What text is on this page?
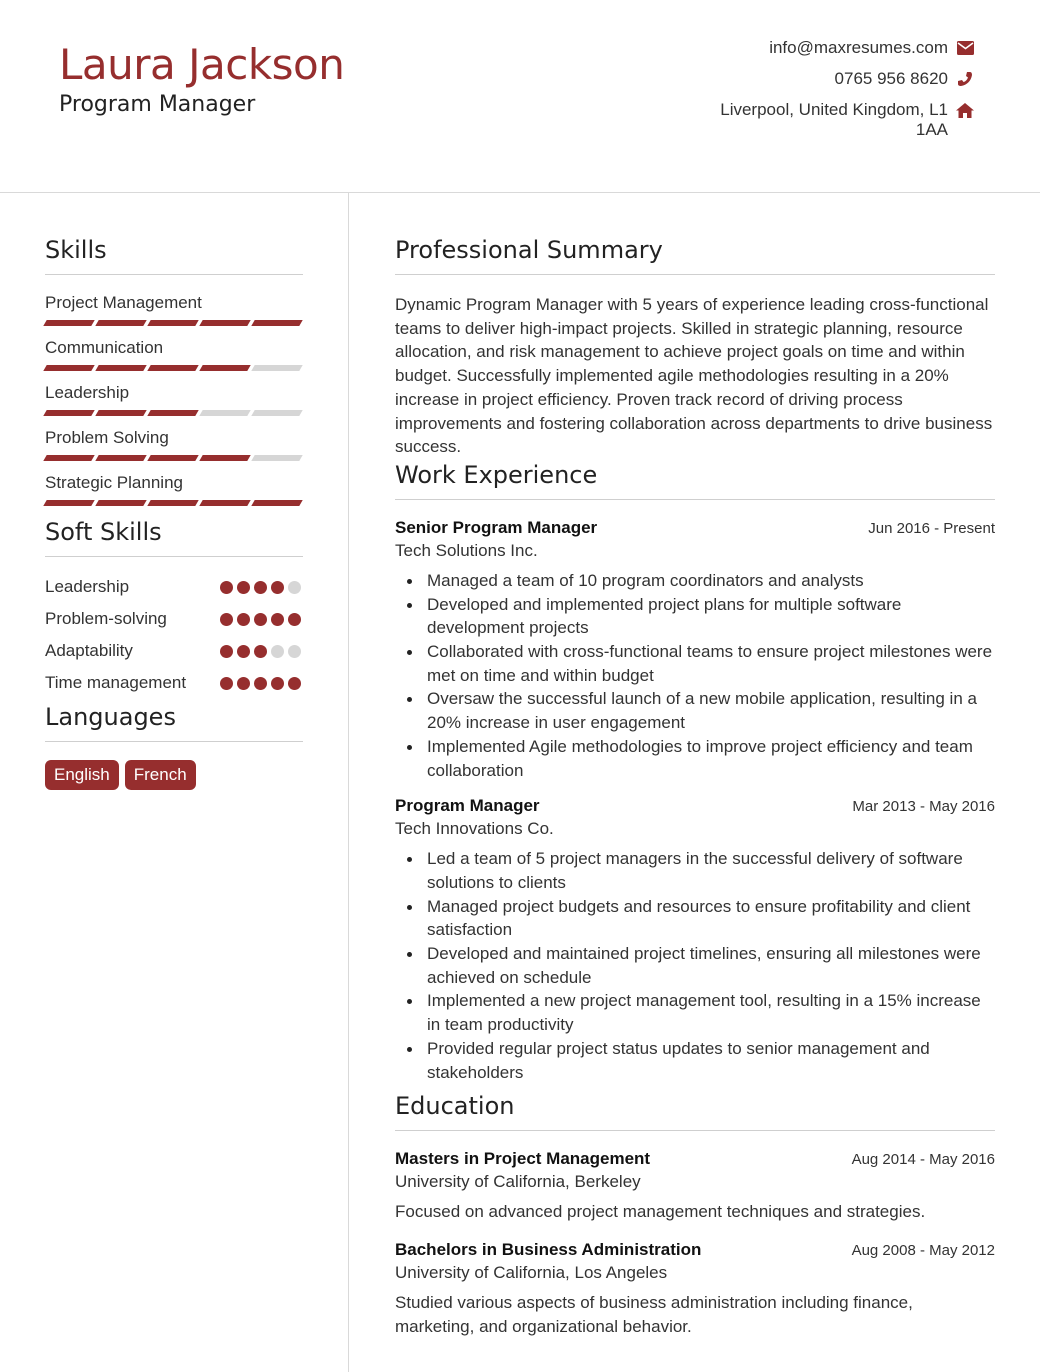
Laura Jackson
Program Manager
info@maxresumes.com
0765 956 8620
Liverpool, United Kingdom, L1 1AA
Skills
Project Management
Communication
Leadership
Problem Solving
Strategic Planning
Soft Skills
Leadership
Problem-solving
Adaptability
Time management
Languages
English	French
Professional Summary
Dynamic Program Manager with 5 years of experience leading cross-functional teams to deliver high-impact projects. Skilled in strategic planning, resource allocation, and risk management to achieve project goals on time and within budget. Successfully implemented agile methodologies resulting in a 20% increase in project efficiency. Proven track record of driving process improvements and fostering collaboration across departments to drive business success.
Work Experience
Senior Program Manager	Jun 2016 - Present
Tech Solutions Inc.
Managed a team of 10 program coordinators and analysts
Developed and implemented project plans for multiple software development projects
Collaborated with cross-functional teams to ensure project milestones were met on time and within budget
Oversaw the successful launch of a new mobile application, resulting in a 20% increase in user engagement
Implemented Agile methodologies to improve project efficiency and team collaboration
Program Manager	Mar 2013 - May 2016
Tech Innovations Co.
Led a team of 5 project managers in the successful delivery of software solutions to clients
Managed project budgets and resources to ensure profitability and client satisfaction
Developed and maintained project timelines, ensuring all milestones were achieved on schedule
Implemented a new project management tool, resulting in a 15% increase in team productivity
Provided regular project status updates to senior management and stakeholders
Education
Masters in Project Management	Aug 2014 - May 2016
University of California, Berkeley
Focused on advanced project management techniques and strategies.
Bachelors in Business Administration	Aug 2008 - May 2012
University of California, Los Angeles
Studied various aspects of business administration including finance, marketing, and organizational behavior.
